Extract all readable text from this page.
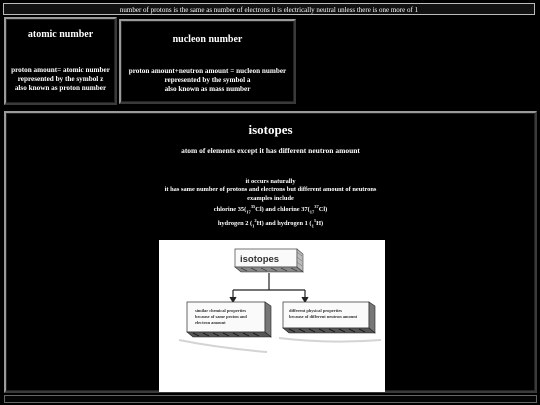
number of protons is the same as number of electrons it is electrically neutral unless there is one more of 1
atomic number
proton amount= atomic number
represented by the symbol z
also known as proton number
nucleon number
proton amount+neutron amount = nucleon number
represented by the symbol a
also known as mass number
isotopes
atom of elements except it has different neutron amount
it occurs naturally
it has same number of protons and electrons but different amount of neutrons
examples include
chlorine $35(_{17}^{35}Cl)$ and chlorine $37(_{17}^{37}Cl)$
hydrogen 2 $(_1^2H)$ and hydrogen 1 $(_1^1H)$
isotopes
similar chemical properties
because of same proton and
electron amount
different physical properties
because of different neutron amount
